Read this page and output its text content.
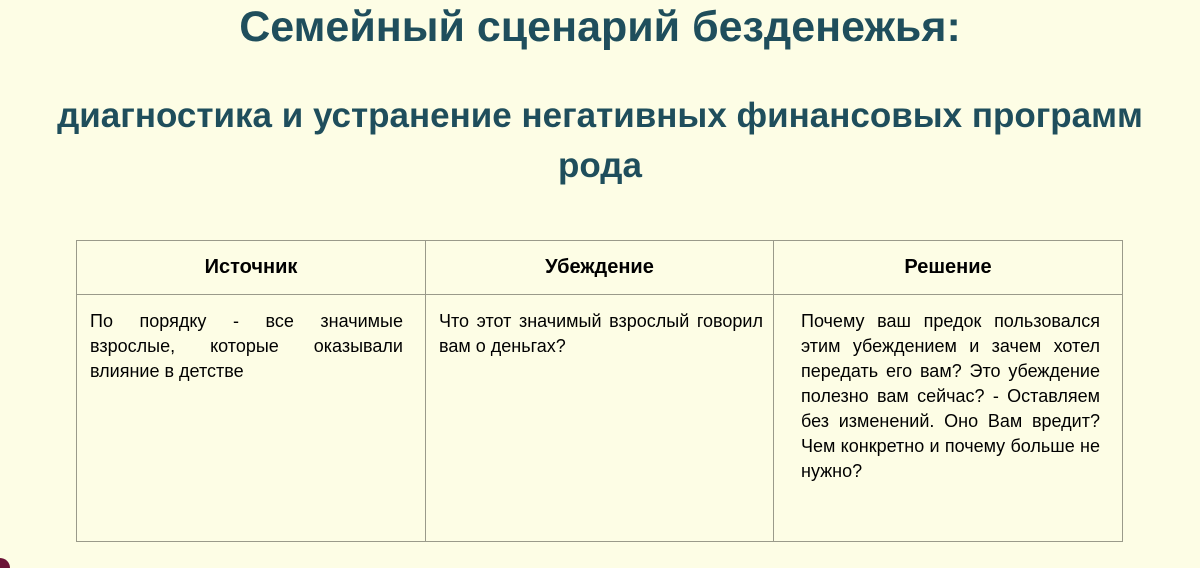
Семейный сценарий безденежья:
диагностика и устранение негативных финансовых программ
рода
Источник
По порядку - все значимые взрослые, которые оказывали влияние в детстве
Убеждение
Что этот значимый взрослый говорил вам о деньгах?
Решение
Почему ваш предок пользовался этим убеждением и зачем хотел передать его вам? Это убеждение полезно вам сейчас? - Оставляем без изменений. Оно Вам вредит? Чем конкретно и почему больше не нужно?
